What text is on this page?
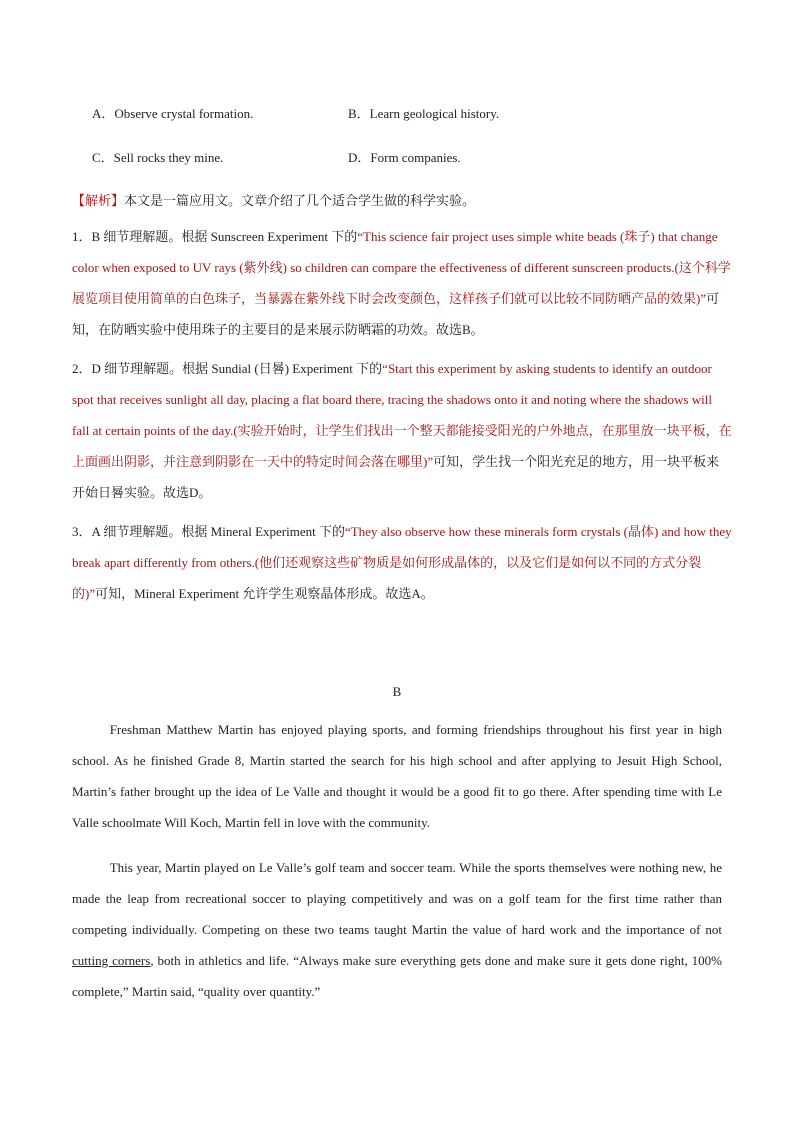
A．Observe crystal formation.	B．Learn geological history.
C．Sell rocks they mine.	D．Form companies.
【解析】本文是一篇应用文。文章介绍了几个适合学生做的科学实验。
1．B 细节理解题。根据 Sunscreen Experiment 下的“This science fair project uses simple white beads (珠子) that change color when exposed to UV rays (紫外线) so children can compare the effectiveness of different sunscreen products.(这个科学展览项目使用简单的白色珠子，当暴露在紫外线下时会改变颜色，这样孩子们就可以比较不同防晒产品的效果)”可知，在防晒实验中使用珠子的主要目的是来展示防晒霜的功效。故选B。
2．D 细节理解题。根据 Sundial (日晷) Experiment 下的“Start this experiment by asking students to identify an outdoor spot that receives sunlight all day, placing a flat board there, tracing the shadows onto it and noting where the shadows will fall at certain points of the day.(实验开始时，让学生们找出一个整天都能接受阳光的户外地点，在那里放一块平板，在上面画出阴影，并注意到阴影在一天中的特定时间会落在哪里)”可知，学生找一个阳光充足的地方，用一块平板来开始日晷实验。故选D。
3．A 细节理解题。根据 Mineral Experiment 下的“They also observe how these minerals form crystals (晶体) and how they break apart differently from others.(他们还观察这些矿物质是如何形成晶体的，以及它们是如何以不同的方式分裂的)”可知，Mineral Experiment 允许学生观察晶体形成。故选A。
B

Freshman Matthew Martin has enjoyed playing sports, and forming friendships throughout his first year in high school. As he finished Grade 8, Martin started the search for his high school and after applying to Jesuit High School, Martin’s father brought up the idea of Le Valle and thought it would be a good fit to go there. After spending time with Le Valle schoolmate Will Koch, Martin fell in love with the community.

This year, Martin played on Le Valle’s golf team and soccer team. While the sports themselves were nothing new, he made the leap from recreational soccer to playing competitively and was on a golf team for the first time rather than competing individually. Competing on these two teams taught Martin the value of hard work and the importance of not cutting corners, both in athletics and life. “Always make sure everything gets done and make sure it gets done right, 100% complete,” Martin said, “quality over quantity.”
